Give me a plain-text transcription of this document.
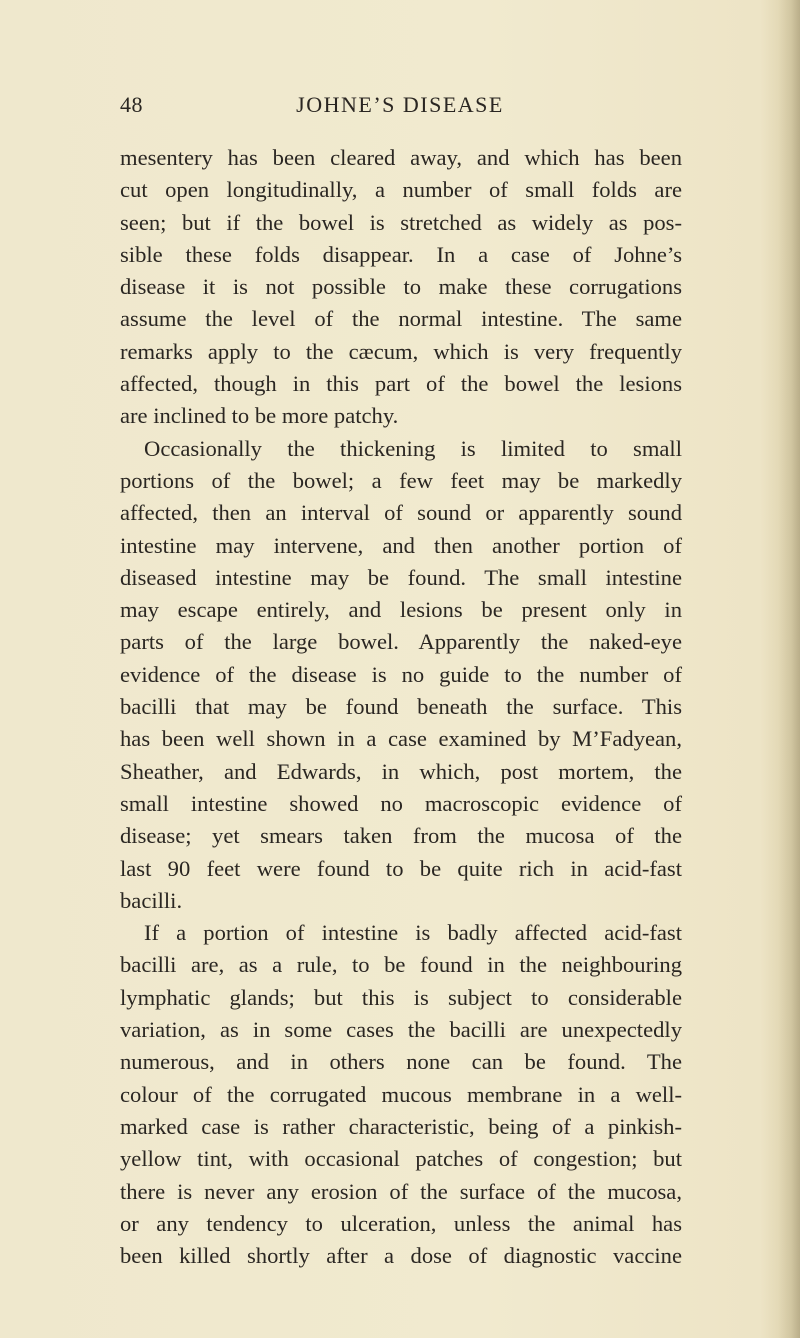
48	JOHNE’S DISEASE
mesentery has been cleared away, and which has been
cut open longitudinally, a number of small folds are
seen; but if the bowel is stretched as widely as pos-
sible these folds disappear. In a case of Johne’s
disease it is not possible to make these corrugations
assume the level of the normal intestine. The same
remarks apply to the cæcum, which is very frequently
affected, though in this part of the bowel the lesions
are inclined to be more patchy.
Occasionally the thickening is limited to small
portions of the bowel; a few feet may be markedly
affected, then an interval of sound or apparently sound
intestine may intervene, and then another portion of
diseased intestine may be found. The small intestine
may escape entirely, and lesions be present only in
parts of the large bowel. Apparently the naked-eye
evidence of the disease is no guide to the number of
bacilli that may be found beneath the surface. This
has been well shown in a case examined by M’Fadyean,
Sheather, and Edwards, in which, post mortem, the
small intestine showed no macroscopic evidence of
disease; yet smears taken from the mucosa of the
last 90 feet were found to be quite rich in acid-fast
bacilli.
If a portion of intestine is badly affected acid-fast
bacilli are, as a rule, to be found in the neighbouring
lymphatic glands; but this is subject to considerable
variation, as in some cases the bacilli are unexpectedly
numerous, and in others none can be found. The
colour of the corrugated mucous membrane in a well-
marked case is rather characteristic, being of a pinkish-
yellow tint, with occasional patches of congestion; but
there is never any erosion of the surface of the mucosa,
or any tendency to ulceration, unless the animal has
been killed shortly after a dose of diagnostic vaccine
